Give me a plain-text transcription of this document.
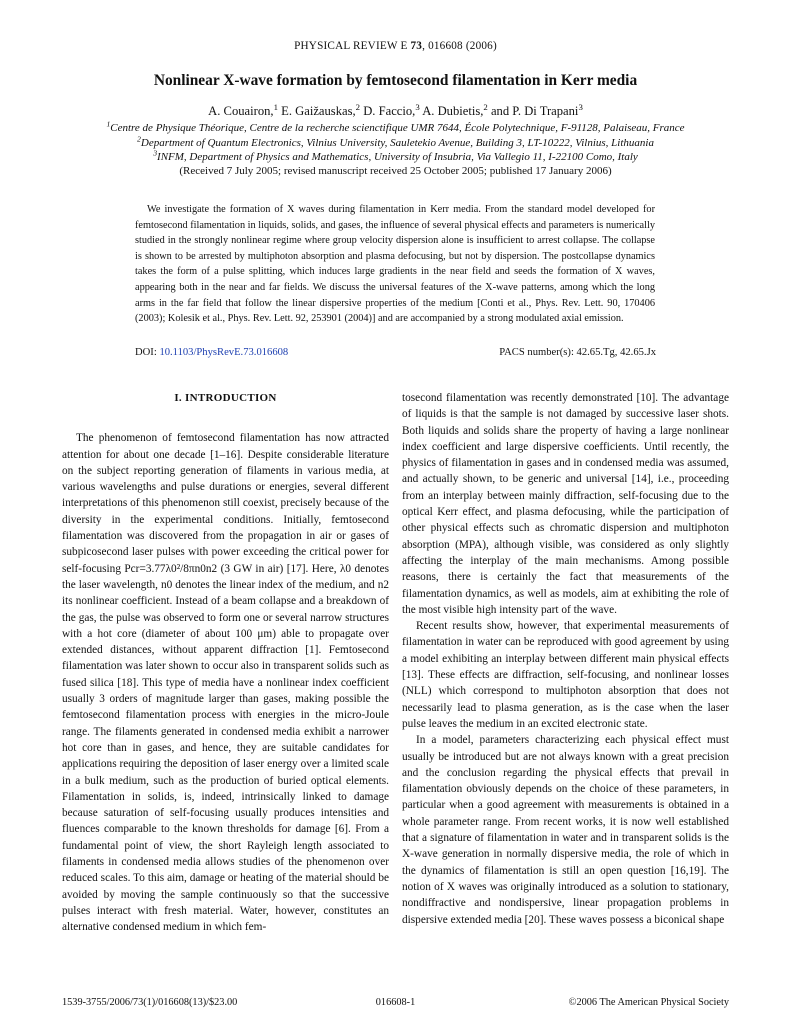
PHYSICAL REVIEW E 73, 016608 (2006)
Nonlinear X-wave formation by femtosecond filamentation in Kerr media
A. Couairon,$^1$ E. Gaižauskas,$^2$ D. Faccio,$^3$ A. Dubietis,$^2$ and P. Di Trapani$^3$
$^1$Centre de Physique Théorique, Centre de la recherche scienctifique UMR 7644, École Polytechnique, F-91128, Palaiseau, France
$^2$Department of Quantum Electronics, Vilnius University, Sauletekio Avenue, Building 3, LT-10222, Vilnius, Lithuania
$^3$INFM, Department of Physics and Mathematics, University of Insubria, Via Vallegio 11, I-22100 Como, Italy
(Received 7 July 2005; revised manuscript received 25 October 2005; published 17 January 2006)
We investigate the formation of X waves during filamentation in Kerr media. From the standard model developed for femtosecond filamentation in liquids, solids, and gases, the influence of several physical effects and parameters is numerically studied in the strongly nonlinear regime where group velocity dispersion alone is insufficient to arrest collapse. The collapse is shown to be arrested by multiphoton absorption and plasma defocusing, but not by dispersion. The postcollapse dynamics takes the form of a pulse splitting, which induces large gradients in the near field and seeds the formation of X waves, appearing both in the near and far fields. We discuss the universal features of the X-wave patterns, among which the long arms in the far field that follow the linear dispersive properties of the medium [Conti et al., Phys. Rev. Lett. 90, 170406 (2003); Kolesik et al., Phys. Rev. Lett. 92, 253901 (2004)] and are accompanied by a strong modulated axial emission.
DOI: 10.1103/PhysRevE.73.016608	PACS number(s): 42.65.Tg, 42.65.Jx
I. INTRODUCTION

The phenomenon of femtosecond filamentation has now attracted attention for about one decade [1–16]. Despite considerable literature on the subject reporting generation of filaments in various media, at various wavelengths and pulse durations or energies, several different interpretations of this phenomenon still coexist, precisely because of the diversity in the experimental conditions. Initially, femtosecond filamentation was discovered from the propagation in air or gases of subpicosecond laser pulses with power exceeding the critical power for self-focusing Pcr=3.77λ0²/8πn0n2 (3 GW in air) [17]. Here, λ0 denotes the laser wavelength, n0 denotes the linear index of the medium, and n2 its nonlinear coefficient. Instead of a beam collapse and a breakdown of the gas, the pulse was observed to form one or several narrow structures with a hot core (diameter of about 100 μm) able to propagate over extended distances, without apparent diffraction [1]. Femtosecond filamentation was later shown to occur also in transparent solids such as fused silica [18]. This type of media have a nonlinear index coefficient usually 3 orders of magnitude larger than gases, making possible the femtosecond filamentation process with energies in the micro-Joule range. The filaments generated in condensed media exhibit a narrower hot core than in gases, and hence, they are suitable candidates for applications requiring the deposition of laser energy over a limited scale in a bulk medium, such as the production of buried optical elements. Filamentation in solids, is, indeed, intrinsically linked to damage because saturation of self-focusing usually produces intensities and fluences comparable to the known thresholds for damage [6]. From a fundamental point of view, the short Rayleigh length associated to filaments in condensed media allows studies of the phenomenon over reduced scales. To this aim, damage or heating of the material should be avoided by moving the sample continuously so that the successive pulses interact with fresh material. Water, however, constitutes an alternative condensed medium in which fem-

tosecond filamentation was recently demonstrated [10]. The advantage of liquids is that the sample is not damaged by successive laser shots. Both liquids and solids share the property of having a large nonlinear index coefficient and large dispersive coefficients. Until recently, the physics of filamentation in gases and in condensed media was assumed, and actually shown, to be generic and universal [14], i.e., proceeding from an interplay between mainly diffraction, self-focusing due to the optical Kerr effect, and plasma defocusing, while the participation of other physical effects such as chromatic dispersion and multiphoton absorption (MPA), although visible, was considered as only slightly affecting the interplay of the main mechanisms. Among possible reasons, there is certainly the fact that measurements of the filamentation dynamics, as well as models, aim at exhibiting the role of the most visible high intensity part of the wave.

Recent results show, however, that experimental measurements of filamentation in water can be reproduced with good agreement by using a model exhibiting an interplay between different main physical effects [13]. These effects are diffraction, self-focusing, and nonlinear losses (NLL) which correspond to multiphoton absorption that does not necessarily lead to plasma generation, as is the case when the laser pulse leaves the medium in an excited electronic state.

In a model, parameters characterizing each physical effect must usually be introduced but are not always known with a great precision and the conclusion regarding the physical effects that prevail in filamentation obviously depends on the choice of these parameters, in particular when a good agreement with measurements is obtained in a whole parameter range. From recent works, it is now well established that a signature of filamentation in water and in transparent solids is the X-wave generation in normally dispersive media, the role of which in the dynamics of filamentation is still an open question [16,19]. The notion of X waves was originally introduced as a solution to stationary, nondiffractive and nondispersive, linear propagation problems in dispersive extended media [20]. These waves possess a biconical shape

1539-3755/2006/73(1)/016608(13)/$23.00	016608-1	©2006 The American Physical Society
